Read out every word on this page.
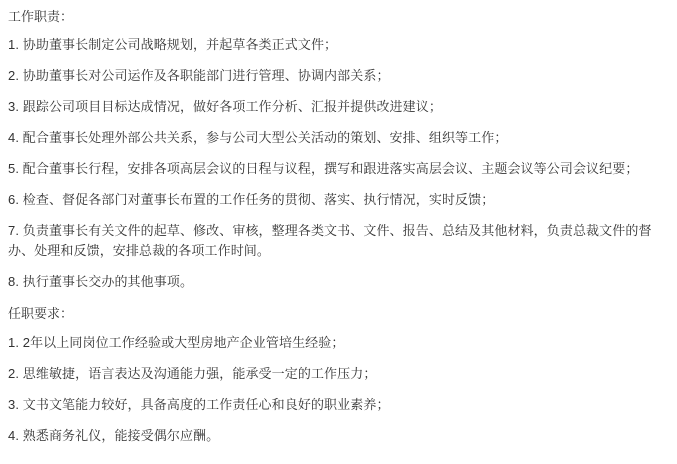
工作职责：

1. 协助董事长制定公司战略规划，并起草各类正式文件；

2. 协助董事长对公司运作及各职能部门进行管理、协调内部关系；

3. 跟踪公司项目目标达成情况，做好各项工作分析、汇报并提供改进建议；

4. 配合董事长处理外部公共关系，参与公司大型公关活动的策划、安排、组织等工作；

5. 配合董事长行程，安排各项高层会议的日程与议程，撰写和跟进落实高层会议、主题会议等公司会议纪要；

6. 检查、督促各部门对董事长布置的工作任务的贯彻、落实、执行情况，实时反馈；

7. 负责董事长有关文件的起草、修改、审核，整理各类文书、文件、报告、总结及其他材料，负责总裁文件的督办、处理和反馈，安排总裁的各项工作时间。

8. 执行董事长交办的其他事项。

任职要求：

1. 2年以上同岗位工作经验或大型房地产企业管培生经验；

2. 思维敏捷，语言表达及沟通能力强，能承受一定的工作压力；

3. 文书文笔能力较好，具备高度的工作责任心和良好的职业素养；

4. 熟悉商务礼仪，能接受偶尔应酬。
